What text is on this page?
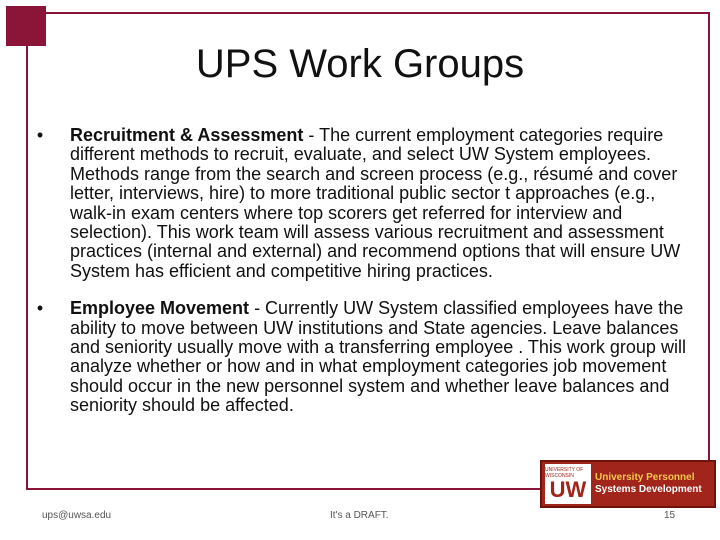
UPS Work Groups
•	Recruitment & Assessment - The current employment categories require different methods to recruit, evaluate, and select UW System employees. Methods range from the search and screen process (e.g., résumé and cover letter, interviews, hire) to more traditional public sector t approaches (e.g., walk-in exam centers where top scorers get referred for interview and selection). This work team will assess various recruitment and assessment practices (internal and external) and recommend options that will ensure UW System has efficient and competitive hiring practices.
•	Employee Movement - Currently UW System classified employees have the ability to move between UW institutions and State agencies. Leave balances and seniority usually move with a transferring employee . This work group will analyze whether or how and in what employment categories job movement should occur in the new personnel system and whether leave balances and seniority should be affected.
UNIVERSITY OF WISCONSIN
UW University Personnel
Systems Development
ups@uwsa.edu	It's a DRAFT.	15
